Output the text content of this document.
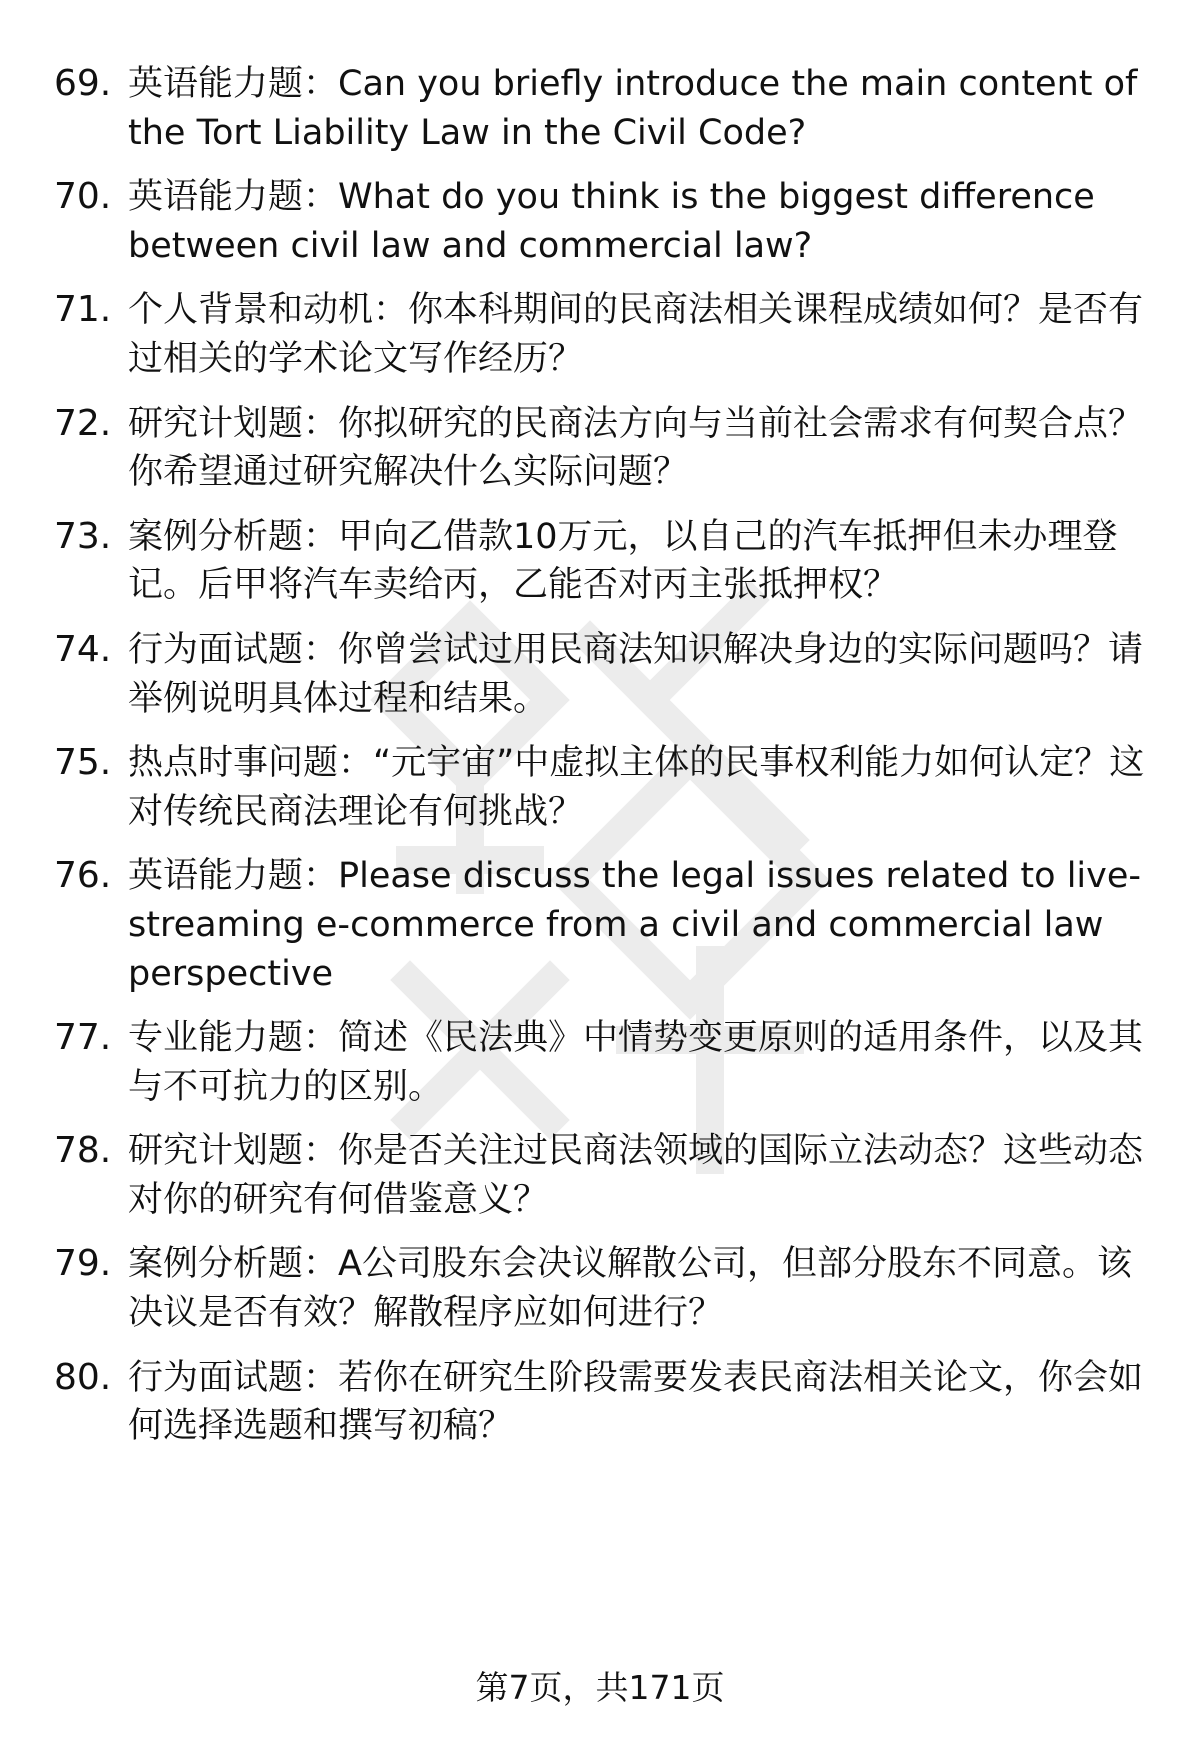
69. 英语能力题：Can you briefly introduce the main content of the Tort Liability Law in the Civil Code?
70. 英语能力题：What do you think is the biggest difference between civil law and commercial law?
71. 个人背景和动机：你本科期间的民商法相关课程成绩如何？是否有过相关的学术论文写作经历？
72. 研究计划题：你拟研究的民商法方向与当前社会需求有何契合点？你希望通过研究解决什么实际问题？
73. 案例分析题：甲向乙借款10万元，以自己的汽车抵押但未办理登记。后甲将汽车卖给丙，乙能否对丙主张抵押权？
74. 行为面试题：你曾尝试过用民商法知识解决身边的实际问题吗？请举例说明具体过程和结果。
75. 热点时事问题：“元宇宙”中虚拟主体的民事权利能力如何认定？这对传统民商法理论有何挑战？
76. 英语能力题：Please discuss the legal issues related to live-streaming e-commerce from a civil and commercial law perspective
77. 专业能力题：简述《民法典》中情势变更原则的适用条件，以及其与不可抗力的区别。
78. 研究计划题：你是否关注过民商法领域的国际立法动态？这些动态对你的研究有何借鉴意义？
79. 案例分析题：A公司股东会决议解散公司，但部分股东不同意。该决议是否有效？解散程序应如何进行？
80. 行为面试题：若你在研究生阶段需要发表民商法相关论文，你会如何选择选题和撰写初稿？
第7页，共171页
